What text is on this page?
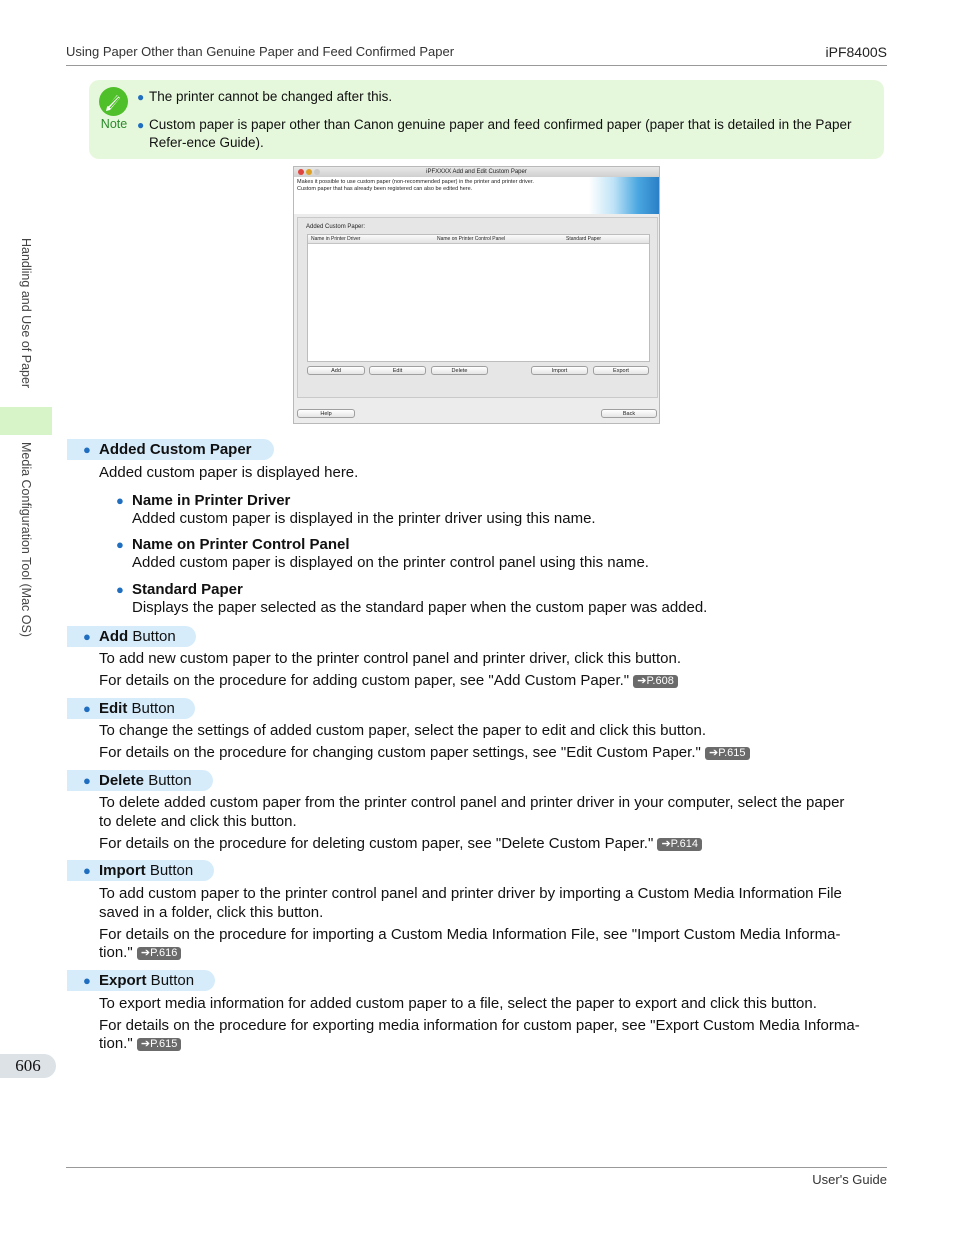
Using Paper Other than Genuine Paper and Feed Confirmed Paper	iPF8400S
Handling and Use of Paper
Media Configuration Tool (Mac OS)
606
Note
● The printer cannot be changed after this.
● Custom paper is paper other than Canon genuine paper and feed confirmed paper (paper that is detailed in the Paper Refer-ence Guide).
iPFXXXX Add and Edit Custom Paper
Makes it possible to use custom paper (non-recommended paper) in the printer and printer driver.
Custom paper that has already been registered can also be edited here.
Added Custom Paper:
Name in Printer Driver	Name on Printer Control Panel	Standard Paper
Add	Edit	Delete	Import	Export
Help	Back
● Added Custom Paper
Added custom paper is displayed here.
● Name in Printer Driver
Added custom paper is displayed in the printer driver using this name.
● Name on Printer Control Panel
Added custom paper is displayed on the printer control panel using this name.
● Standard Paper
Displays the paper selected as the standard paper when the custom paper was added.
● Add Button
To add new custom paper to the printer control panel and printer driver, click this button.
For details on the procedure for adding custom paper, see "Add Custom Paper." ➔P.608
● Edit Button
To change the settings of added custom paper, select the paper to edit and click this button.
For details on the procedure for changing custom paper settings, see "Edit Custom Paper." ➔P.615
● Delete Button
To delete added custom paper from the printer control panel and printer driver in your computer, select the paper
to delete and click this button.
For details on the procedure for deleting custom paper, see "Delete Custom Paper." ➔P.614
● Import Button
To add custom paper to the printer control panel and printer driver by importing a Custom Media Information File
saved in a folder, click this button.
For details on the procedure for importing a Custom Media Information File, see "Import Custom Media Informa-
tion." ➔P.616
● Export Button
To export media information for added custom paper to a file, select the paper to export and click this button.
For details on the procedure for exporting media information for custom paper, see "Export Custom Media Informa-
tion." ➔P.615
User's Guide
